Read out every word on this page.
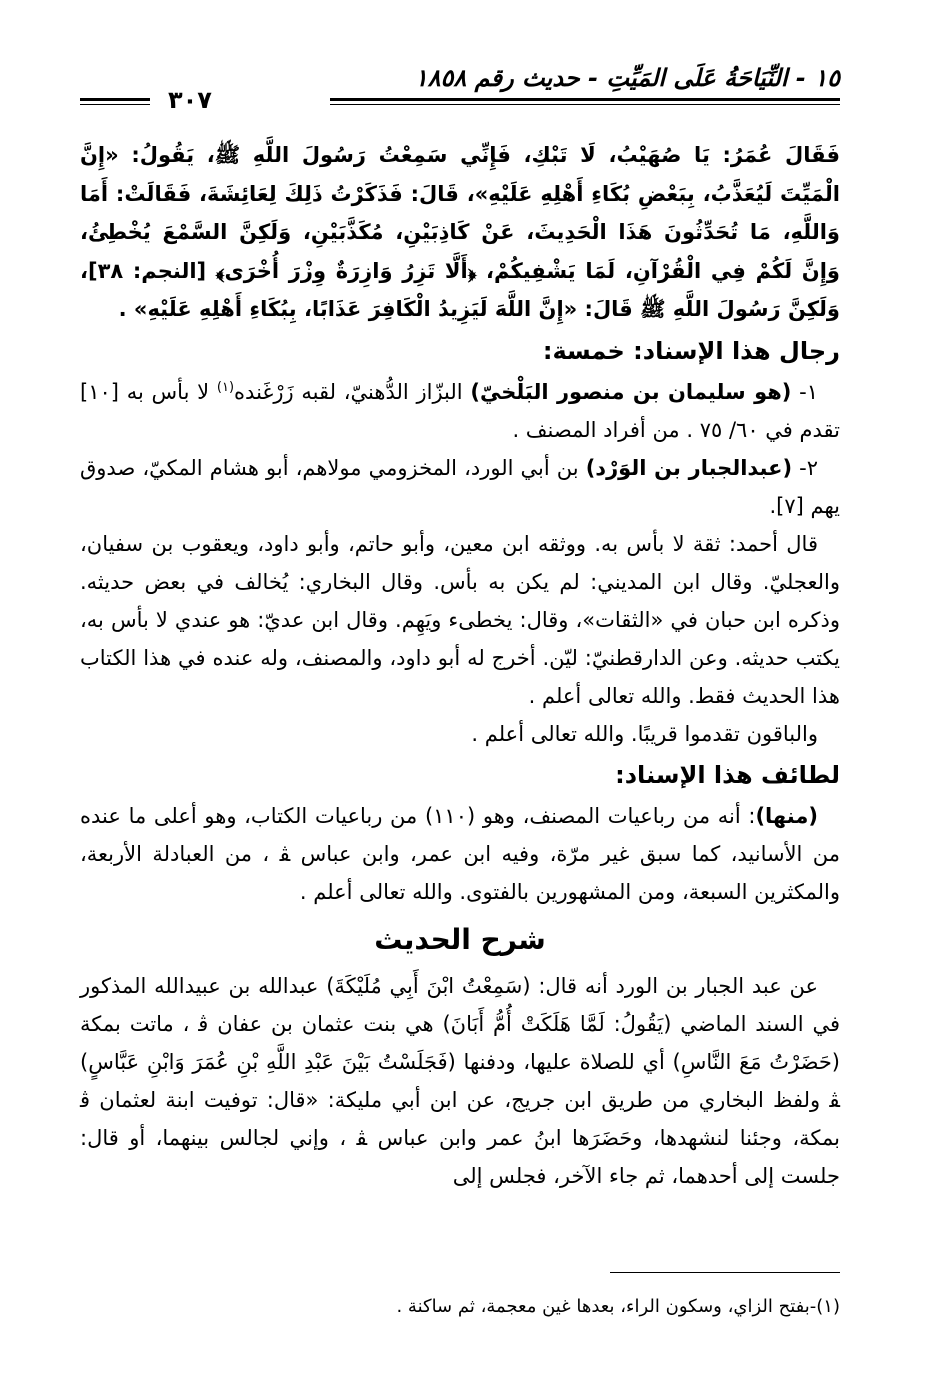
١٥ - النِّيَاحَةُ عَلَى المَيِّتِ - حديث رقم ١٨٥٨
٣٠٧

فَقَالَ عُمَرُ: يَا صُهَيْبُ، لَا تَبْكِ، فَإِنِّي سَمِعْتُ رَسُولَ اللَّهِ ﷺ، يَقُولُ: «إِنَّ الْمَيِّتَ لَيُعَذَّبُ، بِبَعْضِ بُكَاءِ أَهْلِهِ عَلَيْهِ»، قَالَ: فَذَكَرْتُ ذَلِكَ لِعَائِشَةَ، فَقَالَتْ: أَمَا وَاللَّهِ، مَا تُحَدِّثُونَ هَذَا الْحَدِيثَ، عَنْ كَاذِبَيْنِ، مُكَذَّبَيْنِ، وَلَكِنَّ السَّمْعَ يُخْطِئُ، وَإِنَّ لَكُمْ فِي الْقُرْآنِ، لَمَا يَشْفِيكُمْ، ﴿أَلَّا تَزِرُ وَازِرَةٌ وِزْرَ أُخْرَى﴾ [النجم: ٣٨]، وَلَكِنَّ رَسُولَ اللَّهِ ﷺ قَالَ: «إِنَّ اللَّهَ لَيَزِيدُ الْكَافِرَ عَذَابًا، بِبُكَاءِ أَهْلِهِ عَلَيْهِ» .

رجال هذا الإسناد: خمسة:

١- (هو سليمان بن منصور البَلْخيّ) البزّاز الدُّهنيّ، لقبه زَرْغَنده$^{(١)}$ لا بأس به [١٠] تقدم في ٦٠/ ٧٥ . من أفراد المصنف .

٢- (عبدالجبار بن الوَرْد) بن أبي الورد، المخزومي مولاهم، أبو هشام المكيّ، صدوق يهم [٧].

قال أحمد: ثقة لا بأس به. ووثقه ابن معين، وأبو حاتم، وأبو داود، ويعقوب بن سفيان، والعجليّ. وقال ابن المديني: لم يكن به بأس. وقال البخاري: يُخالف في بعض حديثه. وذكره ابن حبان في «الثقات»، وقال: يخطىء ويَهِم. وقال ابن عديّ: هو عندي لا بأس به، يكتب حديثه. وعن الدارقطنيّ: ليّن. أخرج له أبو داود، والمصنف، وله عنده في هذا الكتاب هذا الحديث فقط. والله تعالى أعلم .

والباقون تقدموا قريبًا. والله تعالى أعلم .

لطائف هذا الإسناد:

(منها): أنه من رباعيات المصنف، وهو (١١٠) من رباعيات الكتاب، وهو أعلى ما عنده من الأسانيد، كما سبق غير مرّة، وفيه ابن عمر، وابن عباس ﭭ ، من العبادلة الأربعة، والمكثرين السبعة، ومن المشهورين بالفتوى. والله تعالى أعلم .

شرح الحديث

عن عبد الجبار بن الورد أنه قال: (سَمِعْتُ ابْنَ أَبِي مُلَيْكَةَ) عبدالله بن عبيدالله المذكور في السند الماضي (يَقُولُ: لَمَّا هَلَكَتْ أُمُّ أَبَانَ) هي بنت عثمان بن عفان ﭬ ، ماتت بمكة (حَضَرْتُ مَعَ النَّاسِ) أي للصلاة عليها، ودفنها (فَجَلَسْتُ بَيْنَ عَبْدِ اللَّهِ بْنِ عُمَرَ وَابْنِ عَبَّاسٍ) ﭭ ولفظ البخاري من طريق ابن جريج، عن ابن أبي مليكة: «قال: توفيت ابنة لعثمان ﭬ بمكة، وجئنا لنشهدها، وحَضَرَها ابنُ عمر وابن عباس ﭭ ، وإني لجالس بينهما، أو قال: جلست إلى أحدهما، ثم جاء الآخر، فجلس إلى

(١)-بفتح الزاي، وسكون الراء، بعدها غين معجمة، ثم ساكنة .
